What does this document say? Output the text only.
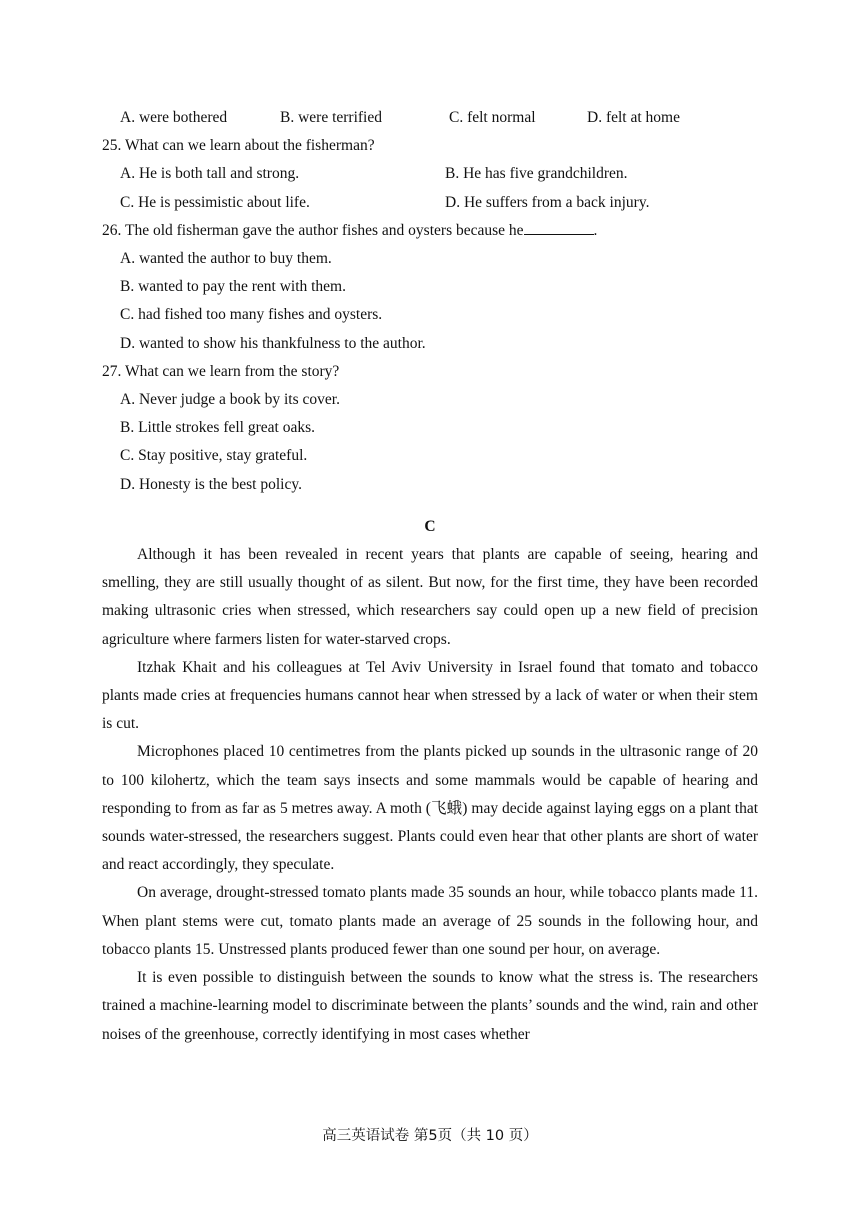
A. were bothered	B. were terrified	C. felt normal	D. felt at home
25. What can we learn about the fisherman?
A. He is both tall and strong.	B. He has five grandchildren.
C. He is pessimistic about life.	D. He suffers from a back injury.
26. The old fisherman gave the author fishes and oysters because he	.
A. wanted the author to buy them.
B. wanted to pay the rent with them.
C. had fished too many fishes and oysters.
D. wanted to show his thankfulness to the author.
27. What can we learn from the story?
A. Never judge a book by its cover.
B. Little strokes fell great oaks.
C. Stay positive, stay grateful.
D. Honesty is the best policy.
C
Although it has been revealed in recent years that plants are capable of seeing, hearing and smelling, they are still usually thought of as silent. But now, for the first time, they have been recorded making ultrasonic cries when stressed, which researchers say could open up a new field of precision agriculture where farmers listen for water-starved crops.
Itzhak Khait and his colleagues at Tel Aviv University in Israel found that tomato and tobacco plants made cries at frequencies humans cannot hear when stressed by a lack of water or when their stem is cut.
Microphones placed 10 centimetres from the plants picked up sounds in the ultrasonic range of 20 to 100 kilohertz, which the team says insects and some mammals would be capable of hearing and responding to from as far as 5 metres away. A moth (飞蛾) may decide against laying eggs on a plant that sounds water-stressed, the researchers suggest. Plants could even hear that other plants are short of water and react accordingly, they speculate.
On average, drought-stressed tomato plants made 35 sounds an hour, while tobacco plants made 11. When plant stems were cut, tomato plants made an average of 25 sounds in the following hour, and tobacco plants 15. Unstressed plants produced fewer than one sound per hour, on average.
It is even possible to distinguish between the sounds to know what the stress is. The researchers trained a machine-learning model to discriminate between the plants’ sounds and the wind, rain and other noises of the greenhouse, correctly identifying in most cases whether
高三英语试卷 第5页（共 10 页）
